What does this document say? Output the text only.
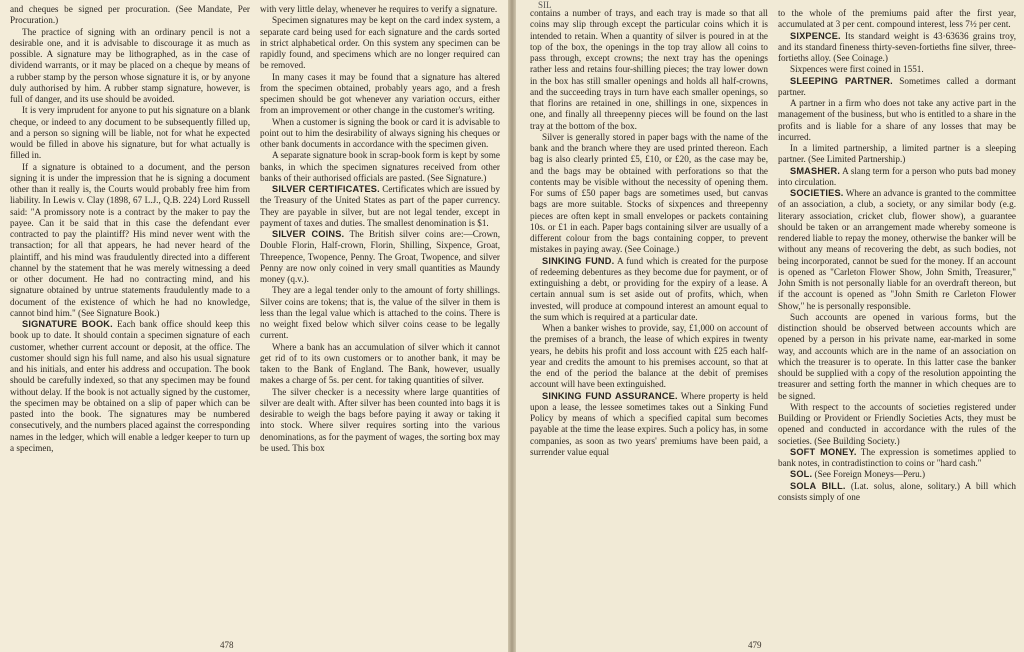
and cheques be signed per procuration. (See Mandate, Per Procuration.)

The practice of signing with an ordinary pencil is not a desirable one, and it is advisable to discourage it as much as possible. A signature may be lithographed, as in the case of dividend warrants, or it may be placed on a cheque by means of a rubber stamp by the person whose signature it is, or by anyone duly authorised by him. A rubber stamp signature, however, is full of danger, and its use should be avoided.

It is very imprudent for anyone to put his signature on a blank cheque, or indeed to any document to be subsequently filled up, and a person so signing will be liable, not for what he expected would be filled in above his signature, but for what actually is filled in.

If a signature is obtained to a document, and the person signing it is under the impression that he is signing a document other than it really is, the Courts would probably free him from liability. In Lewis v. Clay (1898, 67 L.J., Q.B. 224) Lord Russell said: "A promissory note is a contract by the maker to pay the payee. Can it be said that in this case the defendant ever contracted to pay the plaintiff? His mind never went with the transaction; for all that appears, he had never heard of the plaintiff, and his mind was fraudulently directed into a different channel by the statement that he was merely witnessing a deed or other document. He had no contracting mind, and his signature obtained by untrue statements fraudulently made to a document of the existence of which he had no knowledge, cannot bind him." (See Signature Book.)

SIGNATURE BOOK. Each bank office should keep this book up to date. It should contain a specimen signature of each customer, whether current account or deposit, at the office. The customer should sign his full name, and also his usual signature and his initials, and enter his address and occupation. The book should be carefully indexed, so that any specimen may be found without delay. If the book is not actually signed by the customer, the specimen may be obtained on a slip of paper which can be pasted into the book. The signatures may be numbered consecutively, and the numbers placed against the corresponding names in the ledger, which will enable a ledger keeper to turn up a specimen,

with very little delay, whenever he requires to verify a signature.

Specimen signatures may be kept on the card index system, a separate card being used for each signature and the cards sorted in strict alphabetical order. On this system any specimen can be rapidly found, and specimens which are no longer required can be removed.

In many cases it may be found that a signature has altered from the specimen obtained, probably years ago, and a fresh specimen should be got whenever any variation occurs, either from an improvement or other change in the customer's writing.

When a customer is signing the book or card it is advisable to point out to him the desirability of always signing his cheques or other bank documents in accordance with the specimen given.

A separate signature book in scrap-book form is kept by some banks, in which the specimen signatures received from other banks of their authorised officials are pasted. (See Signature.)

SILVER CERTIFICATES. Certificates which are issued by the Treasury of the United States as part of the paper currency. They are payable in silver, but are not legal tender, except in payment of taxes and duties. The smallest denomination is $1.

SILVER COINS. The British silver coins are:—Crown, Double Florin, Half-crown, Florin, Shilling, Sixpence, Groat, Threepence, Twopence, Penny. The Groat, Twopence, and silver Penny are now only coined in very small quantities as Maundy money (q.v.).

They are a legal tender only to the amount of forty shillings. Silver coins are tokens; that is, the value of the silver in them is less than the legal value which is attached to the coins. There is no weight fixed below which silver coins cease to be legally current.

Where a bank has an accumulation of silver which it cannot get rid of to its own customers or to another bank, it may be taken to the Bank of England. The Bank, however, usually makes a charge of 5s. per cent. for taking quantities of silver.

The silver checker is a necessity where large quantities of silver are dealt with. After silver has been counted into bags it is desirable to weigh the bags before paying it away or taking it into stock. Where silver requires sorting into the various denominations, as for the payment of wages, the sorting box may be used. This box

478
SIL

contains a number of trays, and each tray is made so that all coins may slip through except the particular coins which it is intended to retain. When a quantity of silver is poured in at the top of the box, the openings in the top tray allow all coins to pass through, except crowns; the next tray has the openings rather less and retains four-shilling pieces; the tray lower down in the box has still smaller openings and holds all half-crowns, and the succeeding trays in turn have each smaller openings, so that florins are retained in one, shillings in one, sixpences in one, and finally all threepenny pieces will be found on the last tray at the bottom of the box.

Silver is generally stored in paper bags with the name of the bank and the branch where they are used printed thereon. Each bag is also clearly printed £5, £10, or £20, as the case may be, and the bags may be obtained with perforations so that the contents may be visible without the necessity of opening them. For sums of £50 paper bags are sometimes used, but canvas bags are more suitable. Stocks of sixpences and threepenny pieces are often kept in small envelopes or packets containing 10s. or £1 in each. Paper bags containing silver are usually of a different colour from the bags containing copper, to prevent mistakes in paying away. (See Coinage.)

SINKING FUND. A fund which is created for the purpose of redeeming debentures as they become due for payment, or of extinguishing a debt, or providing for the expiry of a lease. A certain annual sum is set aside out of profits, which, when invested, will produce at compound interest an amount equal to the sum which is required at a particular date.

When a banker wishes to provide, say, £1,000 on account of the premises of a branch, the lease of which expires in twenty years, he debits his profit and loss account with £25 each half-year and credits the amount to his premises account, so that at the end of the period the balance at the debit of premises account will have been extinguished.

SINKING FUND ASSURANCE. Where property is held upon a lease, the lessee sometimes takes out a Sinking Fund Policy by means of which a specified capital sum becomes payable at the time the lease expires. Such a policy has, in some companies, as soon as two years' premiums have been paid, a surrender value equal

to the whole of the premiums paid after the first year, accumulated at 3 per cent. compound interest, less 7½ per cent.

SIXPENCE. Its standard weight is 43·63636 grains troy, and its standard fineness thirty-seven-fortieths fine silver, three-fortieths alloy. (See Coinage.)

Sixpences were first coined in 1551.

SLEEPING PARTNER. Sometimes called a dormant partner.

A partner in a firm who does not take any active part in the management of the business, but who is entitled to a share in the profits and is liable for a share of any losses that may be incurred.

In a limited partnership, a limited partner is a sleeping partner. (See Limited Partnership.)

SMASHER. A slang term for a person who puts bad money into circulation.

SOCIETIES. Where an advance is granted to the committee of an association, a club, a society, or any similar body (e.g. literary association, cricket club, flower show), a guarantee should be taken or an arrangement made whereby someone is rendered liable to repay the money, otherwise the banker will be without any means of recovering the debt, as such bodies, not being incorporated, cannot be sued for the money. If an account is opened as "Carleton Flower Show, John Smith, Treasurer," John Smith is not personally liable for an overdraft thereon, but if the account is opened as "John Smith re Carleton Flower Show," he is personally responsible.

Such accounts are opened in various forms, but the distinction should be observed between accounts which are opened by a person in his private name, ear-marked in some way, and accounts which are in the name of an association on which the treasurer is to operate. In this latter case the banker should be supplied with a copy of the resolution appointing the treasurer and setting forth the manner in which cheques are to be signed.

With respect to the accounts of societies registered under Building or Provident or Friendly Societies Acts, they must be opened and conducted in accordance with the rules of the societies. (See Building Society.)

SOFT MONEY. The expression is sometimes applied to bank notes, in contradistinction to coins or "hard cash."

SOL. (See Foreign Moneys—Peru.)

SOLA BILL. (Lat. solus, alone, solitary.) A bill which consists simply of one

479
